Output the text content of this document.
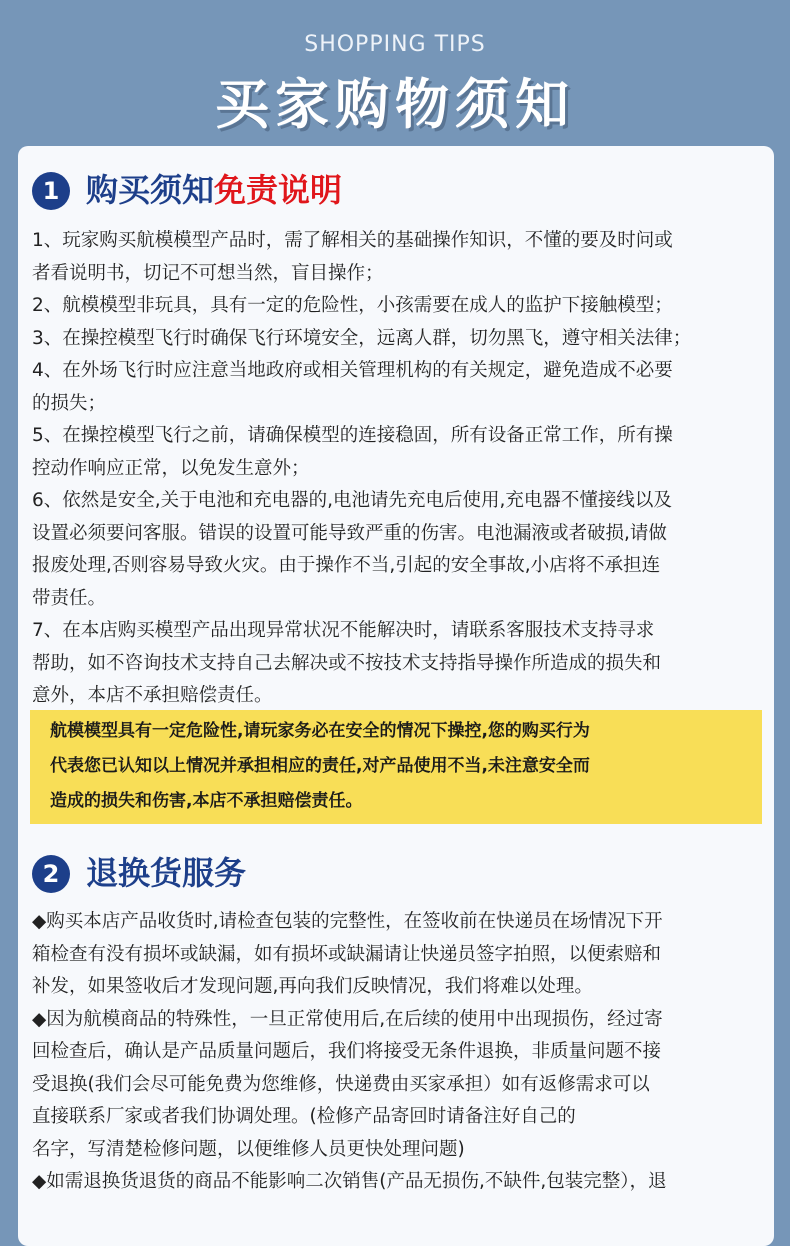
SHOPPING TIPS
买家购物须知
1 购买须知免责说明
1、玩家购买航模模型产品时，需了解相关的基础操作知识，不懂的要及时问或
者看说明书，切记不可想当然，盲目操作；
2、航模模型非玩具，具有一定的危险性，小孩需要在成人的监护下接触模型；
3、在操控模型飞行时确保飞行环境安全，远离人群，切勿黑飞，遵守相关法律；
4、在外场飞行时应注意当地政府或相关管理机构的有关规定，避免造成不必要
的损失；
5、在操控模型飞行之前，请确保模型的连接稳固，所有设备正常工作，所有操
控动作响应正常，以免发生意外；
6、依然是安全,关于电池和充电器的,电池请先充电后使用,充电器不懂接线以及
设置必须要问客服。错误的设置可能导致严重的伤害。电池漏液或者破损,请做
报废处理,否则容易导致火灾。由于操作不当,引起的安全事故,小店将不承担连
带责任。
7、在本店购买模型产品出现异常状况不能解决时，请联系客服技术支持寻求
帮助，如不咨询技术支持自己去解决或不按技术支持指导操作所造成的损失和
意外，本店不承担赔偿责任。
航模模型具有一定危险性,请玩家务必在安全的情况下操控,您的购买行为
代表您已认知以上情况并承担相应的责任,对产品使用不当,未注意安全而
造成的损失和伤害,本店不承担赔偿责任。
2 退换货服务
◆购买本店产品收货时,请检查包装的完整性，在签收前在快递员在场情况下开
箱检查有没有损坏或缺漏，如有损坏或缺漏请让快递员签字拍照，以便索赔和
补发，如果签收后才发现问题,再向我们反映情况，我们将难以处理。
◆因为航模商品的特殊性，一旦正常使用后,在后续的使用中出现损伤，经过寄
回检查后，确认是产品质量问题后，我们将接受无条件退换，非质量问题不接
受退换(我们会尽可能免费为您维修，快递费由买家承担）如有返修需求可以
直接联系厂家或者我们协调处理。(检修产品寄回时请备注好自己的
名字，写清楚检修问题，以便维修人员更快处理问题)
◆如需退换货退货的商品不能影响二次销售(产品无损伤,不缺件,包装完整），退
